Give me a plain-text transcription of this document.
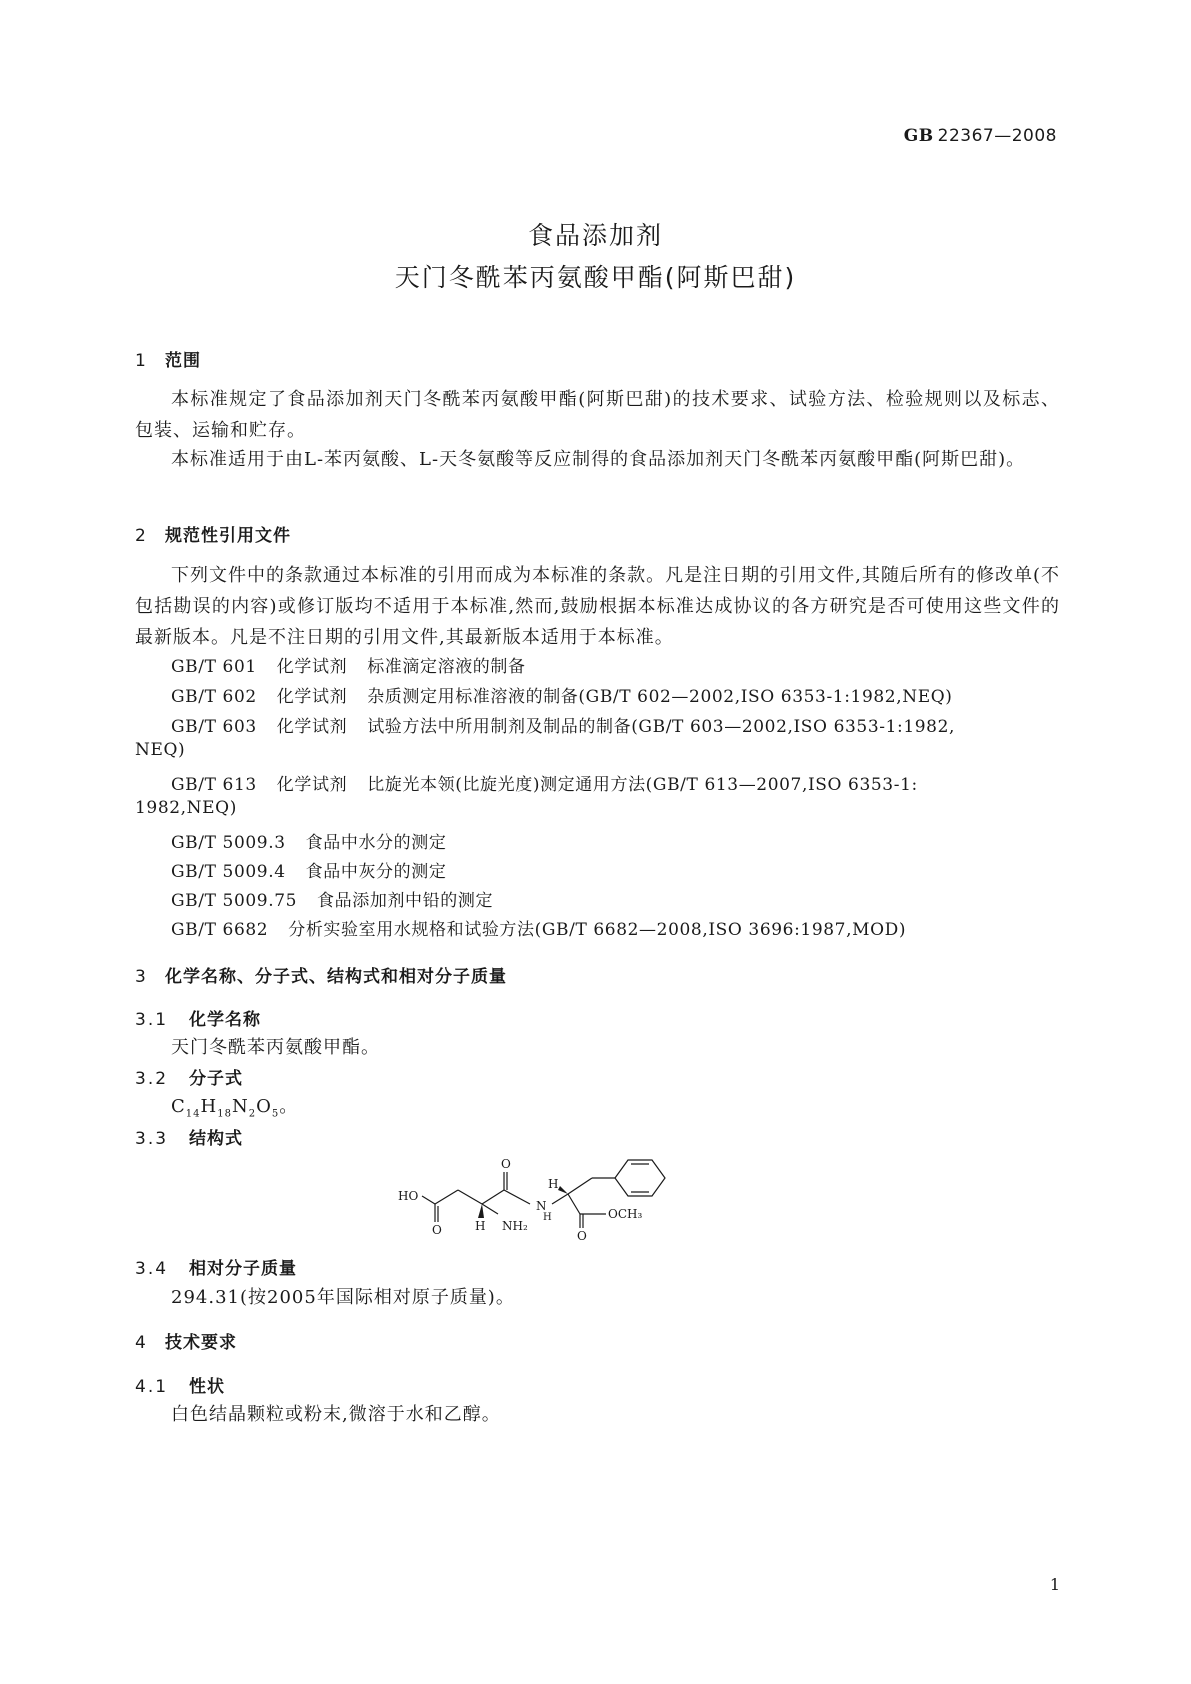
GB 22367—2008
食品添加剂
天门冬酰苯丙氨酸甲酯(阿斯巴甜)
1 范围
本标准规定了食品添加剂天门冬酰苯丙氨酸甲酯(阿斯巴甜)的技术要求、试验方法、检验规则以及标志、包装、运输和贮存。
本标准适用于由L-苯丙氨酸、L-天冬氨酸等反应制得的食品添加剂天门冬酰苯丙氨酸甲酯(阿斯巴甜)。
2 规范性引用文件
下列文件中的条款通过本标准的引用而成为本标准的条款。凡是注日期的引用文件,其随后所有的修改单(不包括勘误的内容)或修订版均不适用于本标准,然而,鼓励根据本标准达成协议的各方研究是否可使用这些文件的最新版本。凡是不注日期的引用文件,其最新版本适用于本标准。
GB/T 601 化学试剂 标准滴定溶液的制备
GB/T 602 化学试剂 杂质测定用标准溶液的制备(GB/T 602—2002,ISO 6353-1:1982,NEQ)
GB/T 603 化学试剂 试验方法中所用制剂及制品的制备(GB/T 603—2002,ISO 6353-1:1982,
NEQ)
GB/T 613 化学试剂 比旋光本领(比旋光度)测定通用方法(GB/T 613—2007,ISO 6353-1:
1982,NEQ)
GB/T 5009.3 食品中水分的测定
GB/T 5009.4 食品中灰分的测定
GB/T 5009.75 食品添加剂中铅的测定
GB/T 6682 分析实验室用水规格和试验方法(GB/T 6682—2008,ISO 3696:1987,MOD)
3 化学名称、分子式、结构式和相对分子质量
3.1 化学名称
天门冬酰苯丙氨酸甲酯。
3.2 分子式
$C_{14}H_{18}N_2O_5$。
3.3 结构式
HO
O	H NH₂
O
N
H
H
O
OCH₃
3.4 相对分子质量
294.31(按2005年国际相对原子质量)。
4 技术要求
4.1 性状
白色结晶颗粒或粉末,微溶于水和乙醇。
1
